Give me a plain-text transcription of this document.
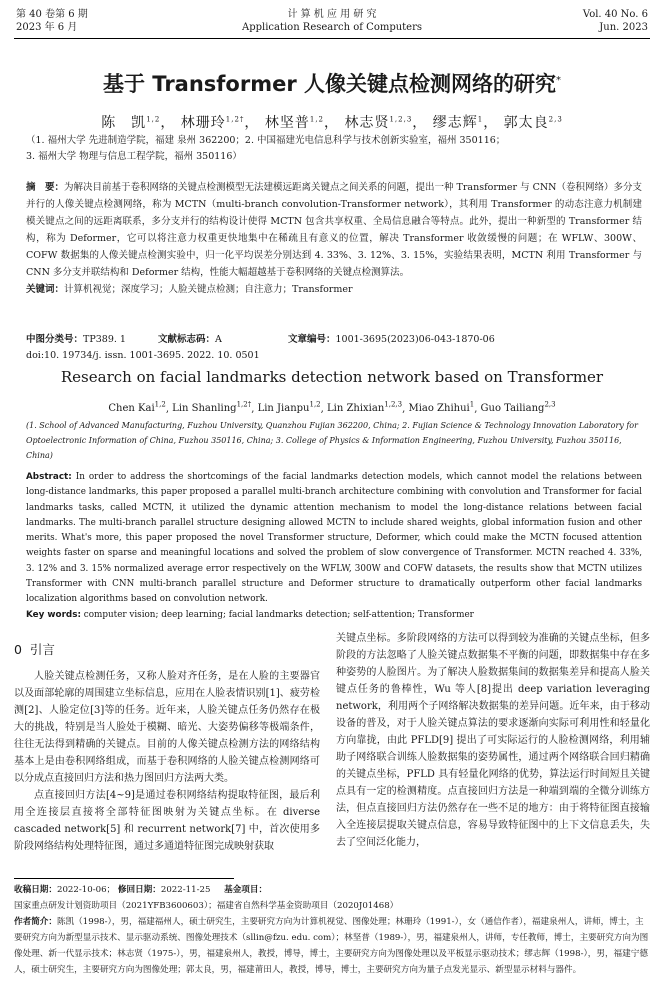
第 40 卷第 6 期
2023 年 6 月
计 算 机 应 用 研 究
Application Research of Computers
Vol. 40 No. 6
Jun. 2023
基于 Transformer 人像关键点检测网络的研究*
陈　凯$^{1,2}$， 林珊玲$^{1,2\dagger}$， 林坚普$^{1,2}$， 林志贤$^{1,2,3}$， 缪志辉$^1$， 郭太良$^{2,3}$
（1. 福州大学 先进制造学院，福建 泉州 362200；2. 中国福建光电信息科学与技术创新实验室，福州 350116；
3. 福州大学 物理与信息工程学院，福州 350116）
摘　要：为解决目前基于卷积网络的关键点检测模型无法建模远距离关键点之间关系的问题，提出一种 Transformer 与 CNN（卷积网络）多分支并行的人像关键点检测网络，称为 MCTN（multi-branch convolution-Transformer network），其利用 Transformer 的动态注意力机制建模关键点之间的远距离联系，多分支并行的结构设计使得 MCTN 包含共享权重、全局信息融合等特点。此外，提出一种新型的 Transformer 结构，称为 Deformer，它可以将注意力权重更快地集中在稀疏且有意义的位置，解决 Transformer 收敛缓慢的问题；在 WFLW、300W、COFW 数据集的人像关键点检测实验中，归一化平均误差分别达到 4. 33%、3. 12%、3. 15%，实验结果表明，MCTN 利用 Transformer 与 CNN 多分支并联结构和 Deformer 结构，性能大幅超越基于卷积网络的关键点检测算法。
关键词：计算机视觉；深度学习；人脸关键点检测；自注意力；Transformer
中图分类号：TP389. 1	文献标志码：A	文章编号：1001-3695(2023)06-043-1870-06
doi:10. 19734/j. issn. 1001-3695. 2022. 10. 0501
Research on facial landmarks detection network based on Transformer
Chen Kai$^{1,2}$, Lin Shanling$^{1,2\dagger}$, Lin Jianpu$^{1,2}$, Lin Zhixian$^{1,2,3}$, Miao Zhihui$^1$, Guo Tailiang$^{2,3}$
(1. School of Advanced Manufacturing, Fuzhou University, Quanzhou Fujian 362200, China; 2. Fujian Science & Technology Innovation Laboratory for Optoelectronic Information of China, Fuzhou 350116, China; 3. College of Physics & Information Engineering, Fuzhou University, Fuzhou 350116, China)
Abstract: In order to address the shortcomings of the facial landmarks detection models, which cannot model the relations between long-distance landmarks, this paper proposed a parallel multi-branch architecture combining with convolution and Transformer for facial landmarks tasks, called MCTN, it utilized the dynamic attention mechanism to model the long-distance relations between facial landmarks. The multi-branch parallel structure designing allowed MCTN to include shared weights, global information fusion and other merits. What's more, this paper proposed the novel Transformer structure, Deformer, which could make the MCTN focused attention weights faster on sparse and meaningful locations and solved the problem of slow convergence of Transformer. MCTN reached 4. 33%, 3. 12% and 3. 15% normalized average error respectively on the WFLW, 300W and COFW datasets, the results show that MCTN utilizes Transformer with CNN multi-branch parallel structure and Deformer structure to dramatically outperform other facial landmarks localization algorithms based on convolution network.
Key words: computer vision; deep learning; facial landmarks detection; self-attention; Transformer
0 引言

人脸关键点检测任务，又称人脸对齐任务，是在人脸的主要器官以及面部轮廓的周围建立坐标信息，应用在人脸表情识别[1]、疲劳检测[2]、人脸定位[3]等的任务。近年来，人脸关键点任务仍然存在极大的挑战，特别是当人脸处于模糊、暗光、大姿势偏移等极端条件，往往无法得到精确的关键点。目前的人像关键点检测方法的网络结构基本上是由卷积网络组成，而基于卷积网络的人脸关键点检测网络可以分成点直接回归方法和热力图回归方法两大类。

点直接回归方法[4~9]是通过卷积网络结构提取特征图，最后利用全连接层直接将全部特征图映射为关键点坐标。在 diverse cascaded network[5] 和 recurrent network[7] 中，首次使用多阶段网络结构处理特征图，通过多通道特征图完成映射获取

关键点坐标。多阶段网络的方法可以得到较为准确的关键点坐标，但多阶段的方法忽略了人脸关键点数据集不平衡的问题，即数据集中存在多种姿势的人脸图片。为了解决人脸数据集间的数据集差异和提高人脸关键点任务的鲁棒性，Wu 等人[8]提出 deep variation leveraging network，利用两个子网络解决数据集的差异问题。近年来，由于移动设备的普及，对于人脸关键点算法的要求逐渐向实际可利用性和轻量化方向靠拢，由此 PFLD[9] 提出了可实际运行的人脸检测网络，利用辅助子网络联合训练人脸数据集的姿势属性，通过两个网络联合回归精确的关键点坐标，PFLD 具有轻量化网络的优势，算法运行时间短且关键点具有一定的检测精度。点直接回归方法是一种端到端的全微分训练方法，但点直接回归方法仍然存在一些不足的地方：由于将特征图直接输入全连接层提取关键点信息，容易导致特征图中的上下文信息丢失，失去了空间泛化能力，

收稿日期：2022-10-06； 修回日期：2022-11-25 基金项目：国家重点研发计划资助项目（2021YFB3600603）；福建省自然科学基金资助项目（2020J01468）
作者简介：陈凯（1998-），男，福建福州人，硕士研究生，主要研究方向为计算机视觉、图像处理；林珊玲（1991-），女（通信作者），福建泉州人，讲师，博士，主要研究方向为新型显示技术、显示驱动系统、图像处理技术（sllin@fzu. edu. com）；林坚普（1989-），男，福建泉州人，讲师，专任教师，博士，主要研究方向为图像处理、新一代显示技术；林志贤（1975-），男，福建泉州人，教授，博导，博士，主要研究方向为图像处理以及平板显示驱动技术；缪志辉（1998-），男，福建宁德人，硕士研究生，主要研究方向为图像处理；郭太良，男，福建莆田人，教授，博导，博士，主要研究方向为量子点发光显示、新型显示材料与器件。
